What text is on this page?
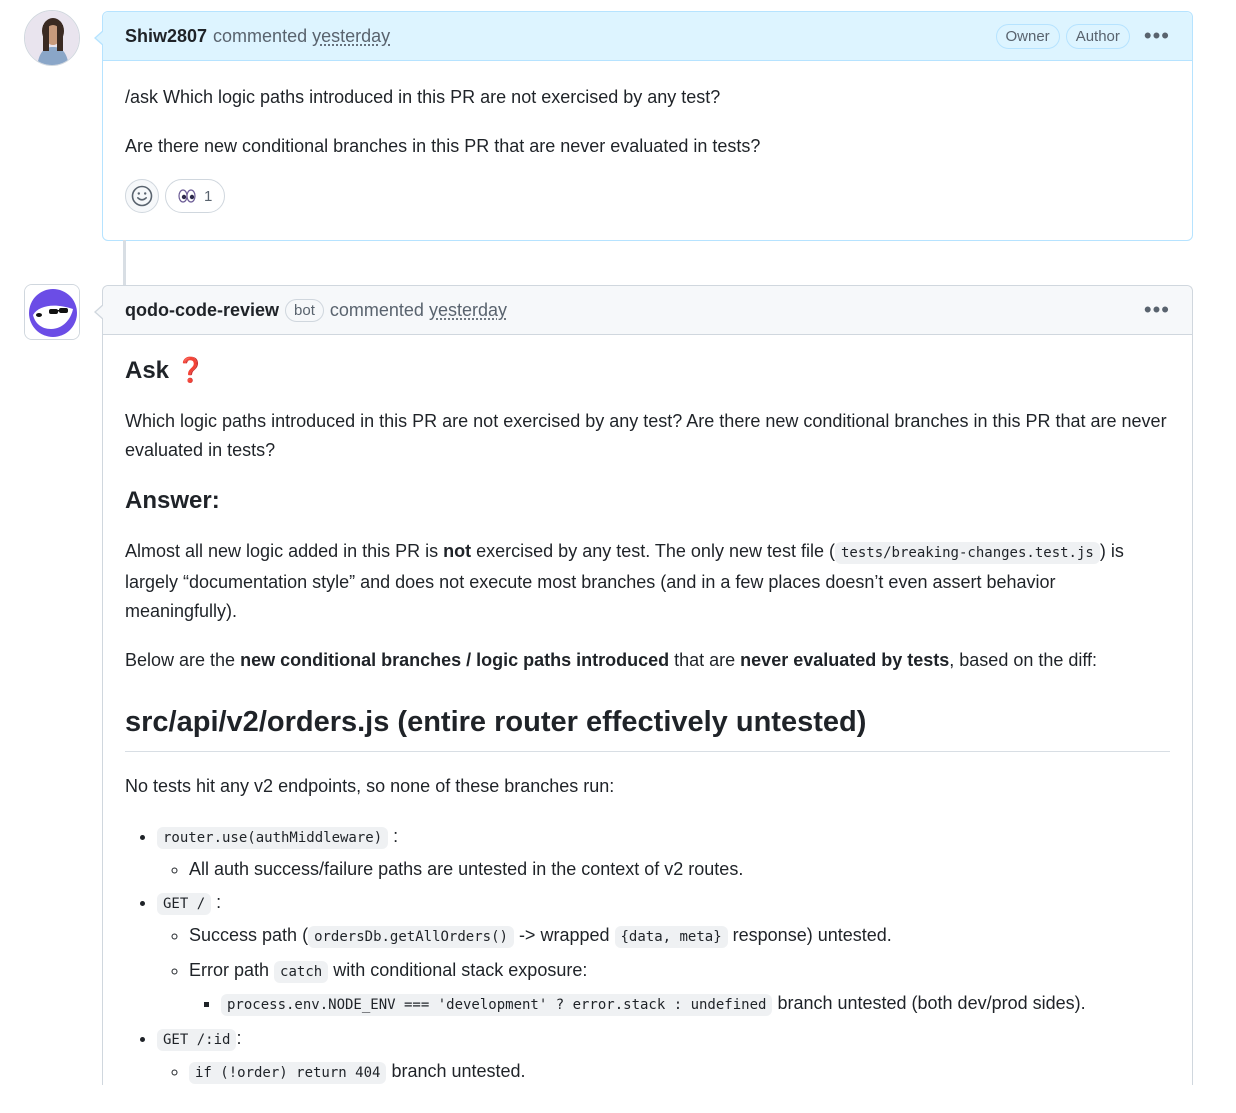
Shiw2807 commented yesterday	Owner	Author	•••

/ask Which logic paths introduced in this PR are not exercised by any test?

Are there new conditional branches in this PR that are never evaluated in tests?

1
qodo-code-review	bot commented yesterday	•••
Ask ❓

Which logic paths introduced in this PR are not exercised by any test? Are there new conditional branches in this PR that are never evaluated in tests?

Answer:

Almost all new logic added in this PR is not exercised by any test. The only new test file ( tests/breaking-changes.test.js ) is largely “documentation style” and does not execute most branches (and in a few places doesn’t even assert behavior meaningfully).

Below are the new conditional branches / logic paths introduced that are never evaluated by tests, based on the diff:

src/api/v2/orders.js (entire router effectively untested)

No tests hit any v2 endpoints, so none of these branches run:

• router.use(authMiddleware) :
◦ All auth success/failure paths are untested in the context of v2 routes.
• GET / :
◦ Success path ( ordersDb.getAllOrders() -> wrapped {data, meta} response) untested.
◦ Error path catch with conditional stack exposure:
▪ process.env.NODE_ENV === 'development' ? error.stack : undefined branch untested (both dev/prod sides).
• GET /:id :
◦ if (!order) return 404 branch untested.
